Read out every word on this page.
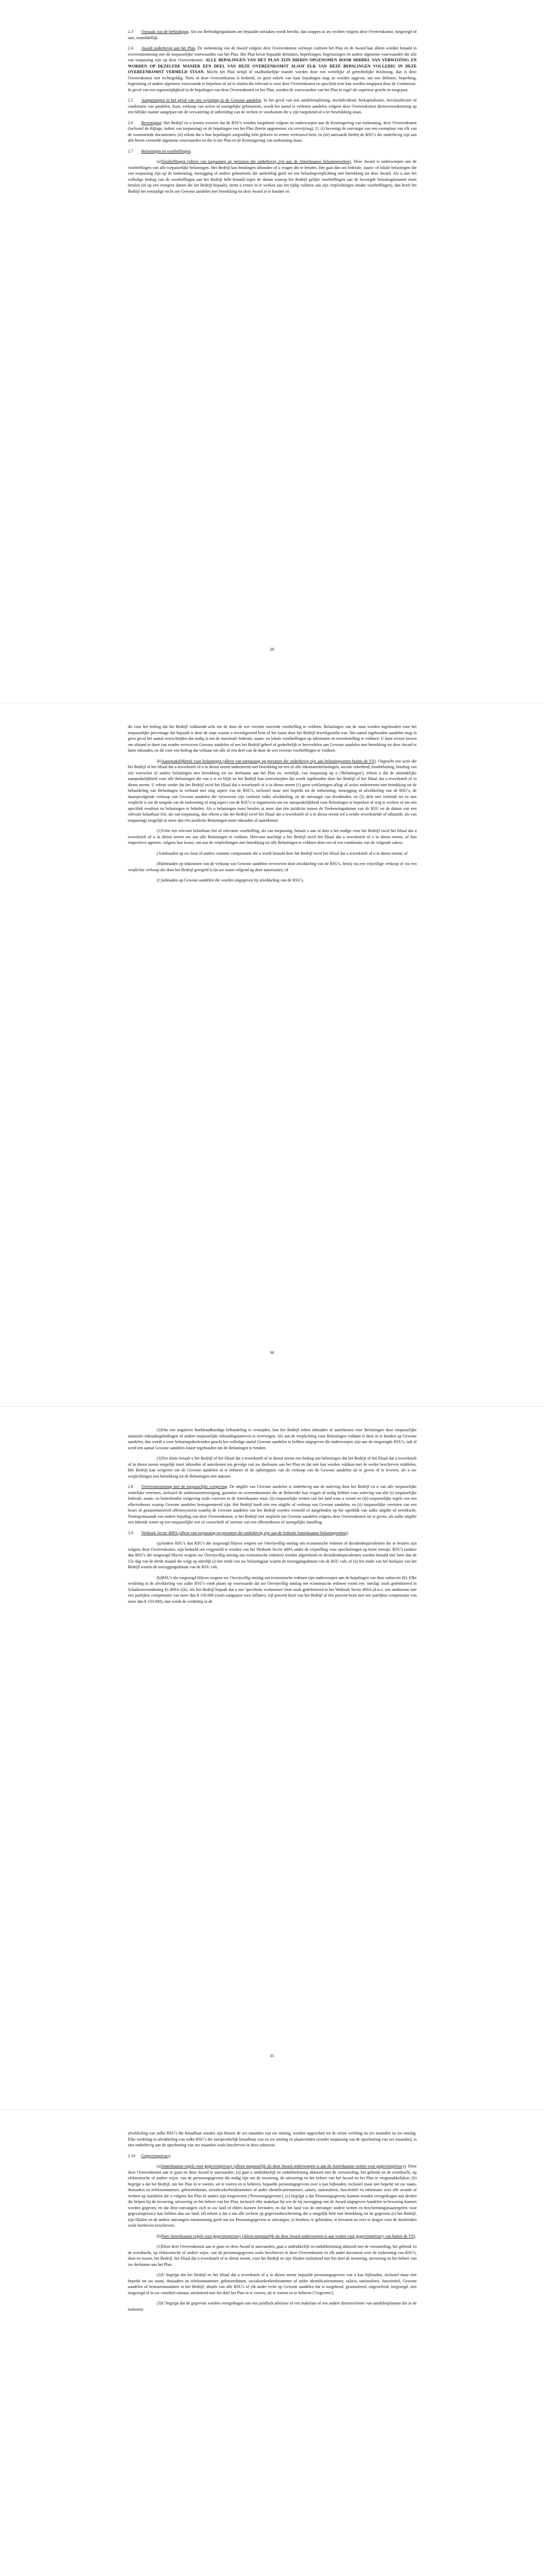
2.3 Oorzaak van de beëindiging. Als uw Beëindigingsdatum om bepaalde oorzaken wordt bereikt, dan stoppen al uw rechten volgens deze Overeenkomst, toegezegd of niet, onmiddellijk.

2.4 Award onderhevig aan het Plan. De toekenning van de Award volgens deze Overeenkomst verloopt conform het Plan en de Award kan alleen worden betaald in overeenstemming met de toepasselijke voorwaarden van het Plan. Het Plan bevat bepaalde definities, beperkingen, begrenzingen en andere algemene voorwaarden die alle van toepassing zijn op deze Overeenkomst. ALLE BEPALINGEN VAN HET PLAN ZIJN HIERIN OPGENOMEN DOOR MIDDEL VAN VERWIJZING EN WORDEN OP DEZELFDE MANIER EEN DEEL VAN DEZE OVEREENKOMST ALSOF ELK VAN DEZE BEPALINGEN VOLLEDIG IN DEZE OVEREENKOMST VERMELD STAAN. Mocht het Plan tietijd of onafhankelijke manier worden door een wettelijke of gerechtelijke beslissing, dan is deze Overeenkomst niet rechtsgeldig. Niets in deze Overeenkomst is bedoeld, en geen enkele van haar bepalingen mag zo worden opgevat, om een definitie, beperking, begrenzing of andere algemene voorwaarde te beperken of uit te sluiten die relevant is voor deze Overeenkomst en specifiek eroe kan worden toegepast door de Commissie. In geval van een tegenstrijdigheid in de bepalingen van deze Overeenkomst en het Plan, worden de voorwaarden van het Plan in regel als superieur geacht en toegepast.

2.5 Aanpassingen in het geval van een wijziging in de Gewone aandelen. In het geval van een aandelensplitsing, stockdividend, herkapitalisatie, herclassificatie of combinatie van aandelen, fusie, verkoop van activa of soortgelijke gebeurtenis, wordt het aantal te verlenen aandelen volgens deze Overeenkomst dienovereenkomstig op een billijke manier aangepast om de verwatering of uitbreiding van de rechten te voorkomen die u zijn toegekend of u ter beschikking staan.

2.6 Bevestiging: Het Bedrijf en u komen overeen dat de RSU's worden toegekend volgens en onderworpen aan de Kennisgeving van toekenning, deze Overeenkomst (inclusief de Bijlage, indien van toepassing) en de bepalingen van het Plan (hierin opgenomen via verwijzing). U: (i) bevestigt de ontvangst van een exemplaar van elk van de voornoemde documenten, (ii) erkent dat u hun bepalingen zorgvuldig hebt gelezen en ermee vertrouwd bent, en (iii) aanvaardt hierbij de RSU's die onderhevig zijn aan alle hierin vermelde algemene voorwaarden en die in het Plan en de Kennisgeving van toekenning staan.

2.7 Belastingen en voorheffingen.

(a)Voorheffingen (alleen van toepassing op personen die onderhevig zijn aan de Amerikaanse belastingwetten). Deze Award is onderworpen aan de voorheffingen van alle toepasselijke belastingen. Het Bedrijf kan betalingen inhouden of u vragen die te betalen. Het gaat dan om federale, staats- of lokale belastingen die van toepassing zijn op de toekenning, toezegging of andere gebeurtenis die aanleiding geeft tot een belastingverplichting met betrekking tot deze Award. Als u niet het volledige bedrag van de voorheffingen aan het Bedrijf hebt betaald tegen de datum waarop het Bedrijf gelijke voorheffingen aan de bevoegde belastinginstantie moet betalen (of op een vroegere datum die het Bedrijf bepaalt), stemt u ermee in te werken aan het tijdig voldoen aan zijn verplichtingen inzake voorheffingen), dan heeft het Bedrijf het eenzijdige recht om Gewone aandelen met betrekking tot deze Award in te houden en

29

dit voor het bedrag dat het Bedrijf voldoende acht om de door de wet vereiste roerende voorheffing te voldoen. Belastingen van de staat worden ingehouden voor het toepasselijke percentage dat bepaald is door de staat waarin u tewerkgesteld bent of het laatst door het Bedrijf tewerkgesteld was. Het aantal ingehouden aandelen mag in geen geval het aantal overschrijden dat nodig is om de maximale federale, staats- en lokale voorheffingen op inkomsten en tewerkstelling te voldoen. U kunt ervoor kiezen om afstand te doen van eender verworven Gewone aandelen of een het Bedrijf geheel of gedeeltelijk te herverdelen aan Gewone aandelen met betrekking tot deze Award te laten inhouden, en dit voor een bedrag dat volstaat om alle of een deel van de door de wet vereiste voorheffingen te voldoen.

(b)Aansprakelijkheid voor belastingen (alleen van toepassing op personen die onderhevig zijn aan belastingwetten buiten de VS). Ongeacht een actie die het Bedrijf of het filiaal dat u tewerkstelt of u in dienst neemt onderneemt met betrekking tot een of alle inkomstenbelastingen, sociale zekerheid, loonbelasting, betaling van een voorschot of andere belastingen met betrekking tot uw deelname aan het Plan en, wettelijk, van toepassing op u ('Belastingen'), erkent u dat de uiteindelijke aansprakelijkheid voor alle Belastingen die van u is en blijft en het Bedrijf kan overschrijden dat wordt ingehouden door het Bedrijf of het filiaal dat u tewerkstelt of in dienst neemt. U erkent verder dat het Bedrijf en/of het filiaal dat u tewerkstelt of u in dienst neemt (1) geen verklaringen aflegt of acties onderneemt met betrekking tot de behandeling van Belastingen in verband met enig aspect van de RSU's, inclusief maar niet beperkt tot de toekenning, toezegging of afwikkeling van de RSU's, de daaropvolgende verkoop van Gewone aandelen die verworven zijn conform zulke afwikkeling, en de ontvangst van dividenden; en (2) dich niet verbindt tot en niet verplicht is om de toegeds van de toekenning of enig aspect van de RSU's te organiseren om uw aansprakelijkheid voor Belastingen te beperken of weg te werken of om een specifiek resultaat na belastingen te behalen. Als u belastingen moet betalen in meer dan één juridictie tussen de Toekenningsdatum van de RSU en de datum van een relevant belastbaar feit, als van toepassing, dan erkent u dat het Bedrijf en/of het filiaal dat u tewerkstelt of u in dienst neemt (of u eerder tewerkstelde of inhuurde, als van toepassing) mogelijk in meer dan één juridictie Belastingen moet inhouden of aanrekenen.

(1)Vóór een relevant belastbaar feit of relevante voorheffing, als van toepassing, betaalt u aan of doet u het nodige voor het Bedrijf en/of het filiaal dat u tewerkstelt of u in dienst neemt om aan alle Belastingen te voldoen. Hiervoor machtigt u het Bedrijf en/of het filiaal dat u tewerkstelt of u in dienst neemt, of hun respectieve agenten, volgens hun keuze, om aan de verplichtingen met betrekking tot alle Belastingen te voldoen door een of een combinatie van de volgende zaken:

(A)inhouden op uw loon of andere contante compensatie die u wordt betaald door het Bedrijf en/of het filiaal dat u tewerkstelt of u in dienst neemt; of

(B)inhouden op inkomsten van de verkoop van Gewone aandelen verworven door afwikkeling van de RSU's, hetzij via een vrijwillige verkoop of via een verplichte verkoop die door het Bedrijf geregeld is (in uw naam volgend op deze autorisatie); of

(C)inhouden op Gewone aandelen die worden uitgegeven bij afwikkeling van de RSU's.

30

(2)Om een negatieve boekhoudkundige behandeling te vermijden, kan het Bedrijf zeken inhouden of aanrekenen voor Belastingen door toepasselijke statutaire inhoudingsbedragen of andere toepasselijke inhoudingstarieven te overwegen. Als aan de verplichting voor Belastingen voldaan is door in te houden op Gewone aandelen, dan wordt u voor belastingsdoeleinden geacht het volledige aantal Gewone aandelen te hebben uitgegeven die onderworpen zijn aan de toegezegde RSU's, ook al werd een aantal Gewone aandelen louter ingehouden om de Belastingen te betalen.

(3)Ten slotte betaalt u het Bedrijf of het filiaal dat u tewerkstelt of in dienst neemt een bedrag aan belastingen dat het Bedrijf of het filiaal dat u tewerkstelt of in dienst neemt mogelijk moet inhouden of aanrekenen ten gevolge van uw deelname aan het Plan en dat niet kan worden voldaan met de eerder beschreven middelen. Het Bedrijf kan weigeren om de Gewone aandelen in te behoren of de opbrengsten van de verkoop van de Gewone aandelen uit te geven of te leveren, als u uw verplichtingen met betrekking tot de Belastingen niet nakomt.

2.8 Overeenstemming met de toepasselijke wetgeving. De uitgifte van Gewone aandelen is onderhevig aan de naleving door het Bedrijf en u van alle toepasselijke wettelijke vereisten, inclusief de ambtenarentweziging, garanties en overeenkomsten die de Beheerder kan vragen of nodig hebben voor naleving van alle (i) toepasselijke federale, staats- en buitenlandse wetgeving zoals voorzien in de Amerikaanse staat, (ii) toepasselijke wetten van het land waar u woont en (iii) toepasselijke regels van een effectenbeurs waarop Gewone aandelen beursgenoteerd zijn. Het Bedrijf hoeft niet een uitgifte of verkoop van Gewone aandelen, en (ii) toepasselijke vereisten van een beurs of geautomatiseerd offertesysteem waarbij de Gewone aandelen van het Bedrijf worden vermeld of aangeboden op het ogenblik van zulke uitgifte of overdracht. Niettegenstaande een andere bepaling van deze Overeenkomst, is het Bedrijf niet verplicht om Gewone aandelen volgens deze Overeenkomst uit te geven, als zulke uitgifte een inbreuk vormt op een toepasselijke wet of voorschrift of vereiste van een effectenbeurs of soortgelijke instelling.

2.9 Wetboek Sectie 409A (alleen van toepassing op personen die onderhevig zijn aan de federale Amerikaanse belastingwetten).

(a)Andere RSU's dan RSU's die toegezegd blijven wegens uw Onvrijwillig ontslag om economische redenen of dividendequivalenten die te betalen zijn volgens deze Overeenkomst, zijn bedoeld om vrijgesteld te worden van het Wetboek Sectie 409A onder de vrijstelling voor opschortingen op korte termijn. RSU's (andere dan RSU's die toegezegd blijven wegens uw Onvrijwillig ontslag om economische redenen) worden afgerekend en divisdendequivalenten worden betaald niet later dan de 15e dag van de derde maand die volgt op uiterlijk (i) het einde van uw belastingjaar waarin de toezeggingsdatum van de RSU valt, of (ii) het einde van het boekjaar van het Bedrijf waarin de toezeggingsdatum van de RSU valt.

(b)RSU's die toegezegd blijven wegens uw Onvrijwillig ontslag om economische redenen zijn onderworpen aan de bepalingen van deze subsectie (b). Elke verdeling in de afwikkeling van zulke RSU's vindt plaats op voorwaarde dat uw Onvrijwillig ontslag om economische redenen vormt een 'ontslag' zoals gedefinieerd in Schatkistverordening §1.409A-1(h). Als het Bedrijf bepaalt dat u een 'specifieke werknemer' bent zoals gedefinieerd in het Wetboek Sectie 409A (d.w.z. een ambtenaar met een jaarlijkse compensatie van meer dan $ 130.000 (zoals aangepast voor inflatie), vijf procent bezit van het Bedrijf of één procent bezit met een jaarlijkse compensatie van meer dan $ 150.000), dan wordt de verdeling in de

31

afwikkeling van zulke RSU's die betaalbaar zouden zijn binnen de zes maanden van uw ontslag, worden opgeschort tot de eerste werkdag na zes maanden na uw ontslag. Elke verdeling in afwikkeling van zulke RSU's die oorspronkelijk betaalbaar was na uw ontslag en plaatsvinden (zonder toepassing van de opschorting van zes maanden), is niet onderhevig aan de opschorting van zes maanden zoals beschreven in deze subsectie.

2.10 Gegevensprivacy.

(a)Amerikaanse regels voor gegevensprivacy (alleen toepasselijk als deze Award onderworpen is aan de Amerikaanse wetten voor gegevensprivacy). Door deze Overeenkomst aan te gaan en deze Award te aanvaarden, (a) gaat u uitdrukkelijk en ondubbelzinnig akkoord met de verzameling, het gebruik en de overdracht, op elektronische of andere wijze, van de persoonsgegevens die nodig zijn om de invoering, de uitvoering en het beheer van het Award en het Plan te vergemakkelijken, (b) begrijpt u dat het Bedrijf, om het Plan in te voeren, uit te voeren en te beheren, bepaalde persoonsgegevens over u kan bijhouden, inclusief maar niet beperkt tot uw naam, thuisadres en telefoonnummer, geboortedatum, socialezekerheidsnummer of ander identificatienummer, salaris, nationaliteit, functietitel en informatie over alle awards of rechten op Aandelen die u volgens het Plan of anders zijn toegewezen ('Persoonsgegevens'), (c) begrijpt u dat Persoonsgegevens kunnen worden overgedragen aan derden die helpen bij de invoering, uitvoering en het beheer van het Plan, inclusief elke makelaar bij wie de bij toezegging van de Award uitgegeven Aandelen in bewaring kunnen worden gegeven, en dat deze ontvangers zich in uw land of elders kunnen bevinden, en dat het land van de ontvanger andere wetten en beschermingsmaatregelen voor gegevensprivacy kan hebben dan uw land, (d) erkent u dat u om alle rechten op gegevensbescherming die u mogelijk hebt met betrekking tot de gegevens (e) het Bedrijf, zijn filialen en de andere ontvangers toestemming geeft om uw Persoonsgegevens te ontvangen, te bezitten, te gebruiken, te bewaren en over te dragen voor de doeleinden zoals hierboven beschreven.

(b)Niet-Amerikaanse regels voor gegevensprivacy (alleen toepasselijk als deze Award onderworpen is aan wetten voor gegevensprivacy van buiten de VS).

(1)Door deze Overeenkomst aan te gaan en deze Award te aanvaarden, gaat u uitdrukkelijk en ondubbelzinnig akkoord met de verzameling, het gebruik en de overdracht, op elektronische of andere wijze, van de persoonsgegevens zoals beschreven in deze Overeenkomst en elk ander document over de toekenning van RSU's, door en tussen, het Bedrijf, het filiaal dat u tewerkstelt of in dienst neemt, voor het Bedrijf en zijn filialen uitsluitend met het doel de invoering, uitvoering en het beheer van uw deelname aan het Plan.

(2)U begrijpt dat het Bedrijf en het filiaal dat u tewerkstelt of u in dienst neemt bepaalde persoonsgegevens van u kan bijhouden, inclusief maar niet beperkt tot uw naam, thuisadres en telefoonnummer, geboortedatum, socialezekerheidsnummer of ander identificatienummer, salaris, nationaliteit, functietitel, Gewone aandelen of bestuursmandaten in het Bedrijf, details van alle RSU's of elk ander recht op Gewone aandelen dat is toegekend, geannuleerd, uitgeoefend, toegezegd, niet toegezegd of in uw voordeel uitstaat, uitsluitend met het doel het Plan in te voeren, uit te voeren en te beheren ('Gegevens').

(3)U begrijpt dat de gegevens worden overgedragen aan een juridisch adviseur of een makelaar of een andere dienstverlener van aandelenplannen die in de toekomst
